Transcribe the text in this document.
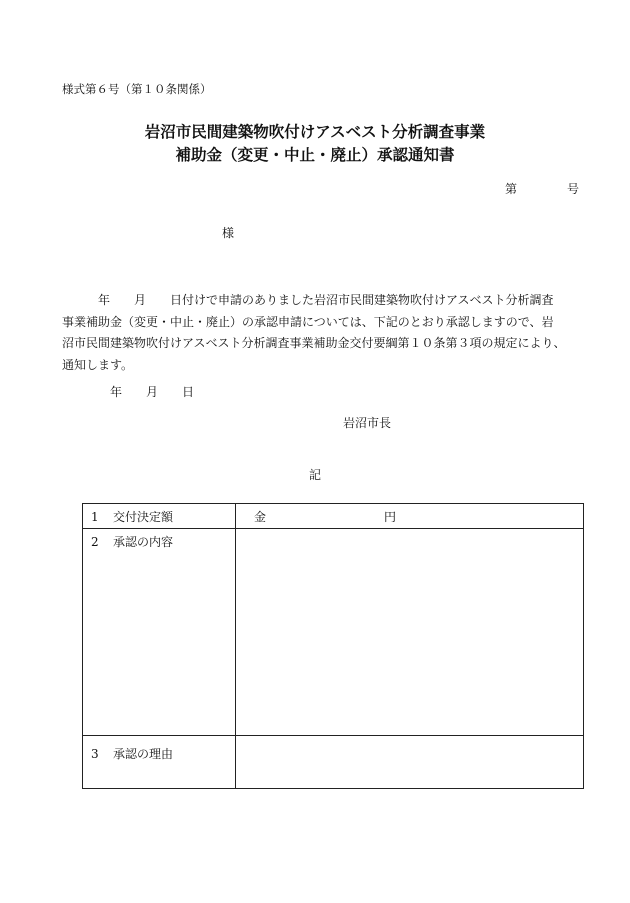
様式第６号（第１０条関係）
岩沼市民間建築物吹付けアスベスト分析調査事業
補助金（変更・中止・廃止）承認通知書
第	号
様
　　　年　　月　　日付けで申請のありました岩沼市民間建築物吹付けアスベスト分析調査
事業補助金（変更・中止・廃止）の承認申請については、下記のとおり承認しますので、岩
沼市民間建築物吹付けアスベスト分析調査事業補助金交付要綱第１０条第３項の規定により、
通知します。
年　　月　　日
岩沼市長
記
1 交付決定額	金 円
2 承認の内容	
3 承認の理由	
